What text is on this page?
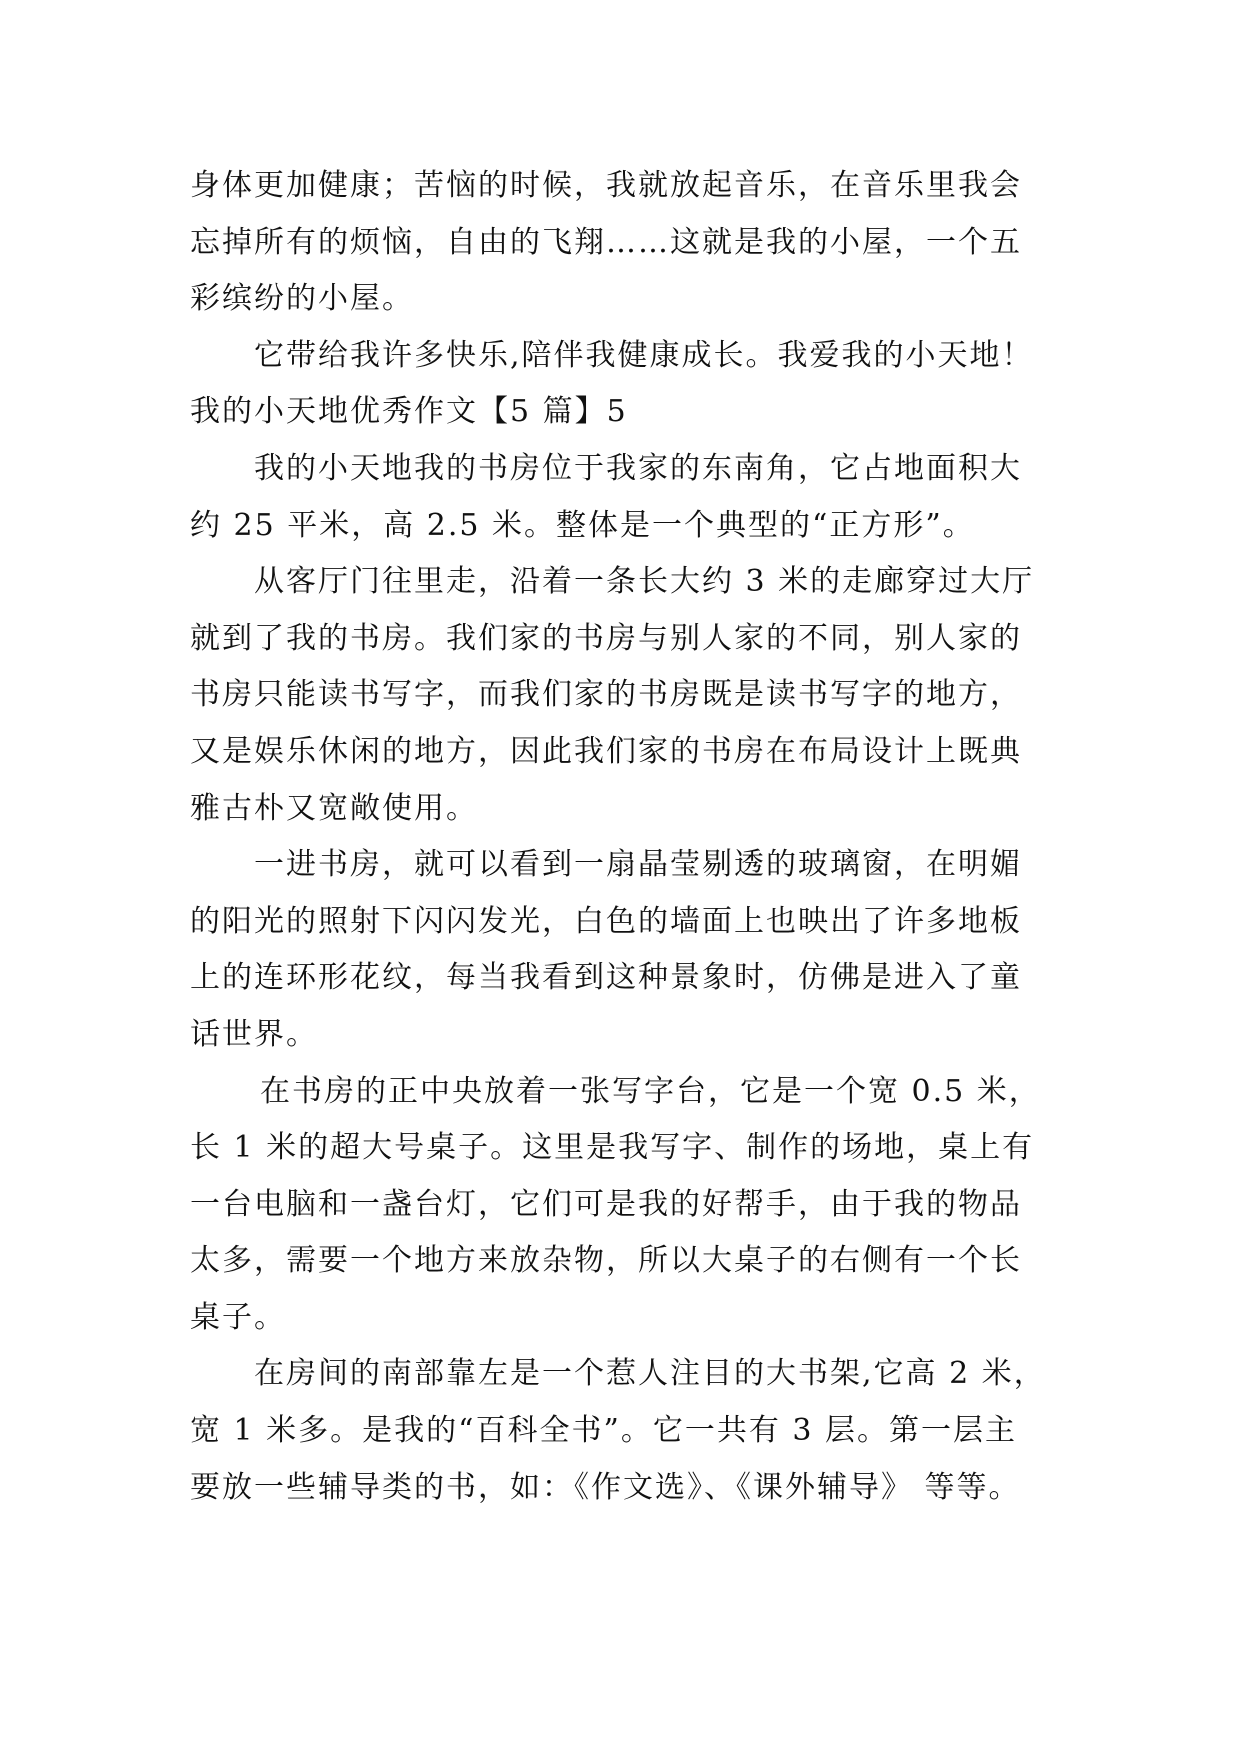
身体更加健康；苦恼的时候，我就放起音乐，在音乐里我会

忘掉所有的烦恼，自由的飞翔……这就是我的小屋，一个五

彩缤纷的小屋。

它带给我许多快乐,陪伴我健康成长。我爱我的小天地！

我的小天地优秀作文【5 篇】5

我的小天地我的书房位于我家的东南角，它占地面积大

约 25 平米，高 2.5 米。整体是一个典型的“正方形”。

从客厅门往里走，沿着一条长大约 3 米的走廊穿过大厅

就到了我的书房。我们家的书房与别人家的不同，别人家的

书房只能读书写字，而我们家的书房既是读书写字的地方，

又是娱乐休闲的地方，因此我们家的书房在布局设计上既典

雅古朴又宽敞使用。

一进书房，就可以看到一扇晶莹剔透的玻璃窗，在明媚

的阳光的照射下闪闪发光，白色的墙面上也映出了许多地板

上的连环形花纹，每当我看到这种景象时，仿佛是进入了童

话世界。

在书房的正中央放着一张写字台，它是一个宽 0.5 米，

长 1 米的超大号桌子。这里是我写字、制作的场地，桌上有

一台电脑和一盏台灯，它们可是我的好帮手，由于我的物品

太多，需要一个地方来放杂物，所以大桌子的右侧有一个长

桌子。

在房间的南部靠左是一个惹人注目的大书架,它高 2 米，

宽 1 米多。是我的“百科全书”。它一共有 3 层。第一层主

要放一些辅导类的书，如：《作文选》、《课外辅导》 等等。
